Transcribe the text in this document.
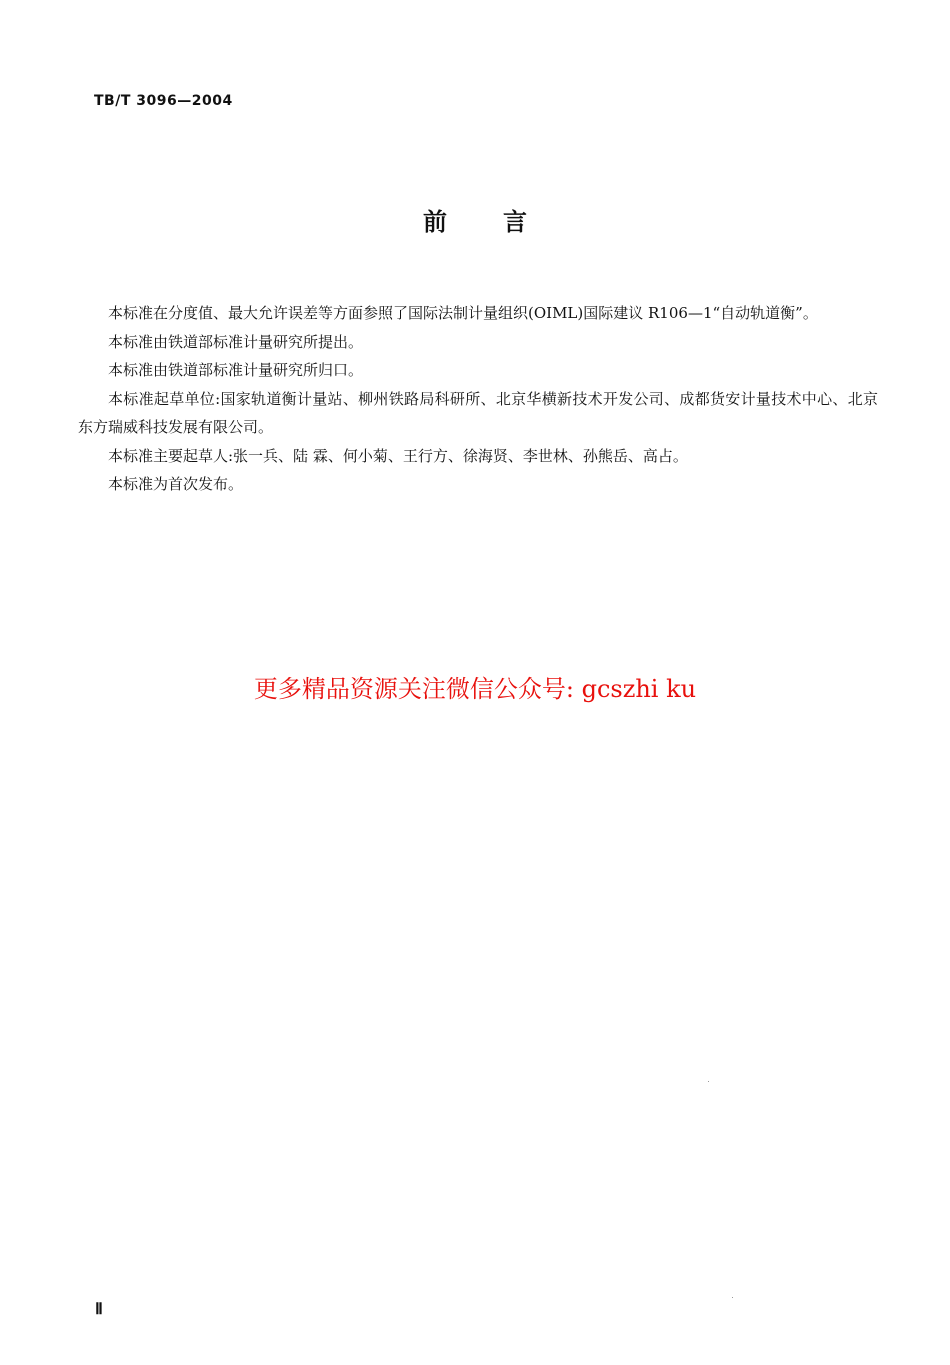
TB/T 3096—2004
前言

本标准在分度值、最大允许误差等方面参照了国际法制计量组织(OIML)国际建议 R106—1“自动轨道衡”。

本标准由铁道部标准计量研究所提出。

本标准由铁道部标准计量研究所归口。

本标准起草单位:国家轨道衡计量站、柳州铁路局科研所、北京华横新技术开发公司、成都货安计量技术中心、北京东方瑞威科技发展有限公司。

本标准主要起草人:张一兵、陆 霖、何小菊、王行方、徐海贤、李世林、孙熊岳、高占。

本标准为首次发布。

更多精品资源关注微信公众号: gcszhi ku
Ⅱ
